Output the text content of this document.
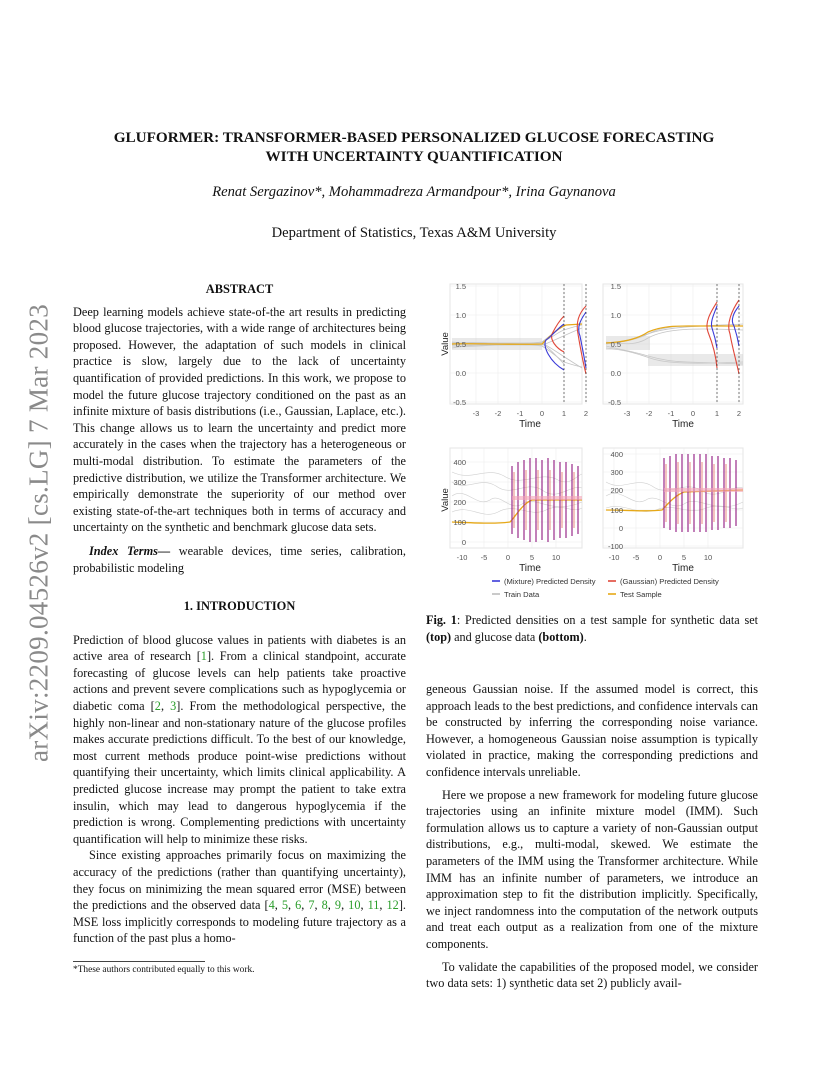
arXiv:2209.04526v2 [cs.LG] 7 Mar 2023
GLUFORMER: TRANSFORMER-BASED PERSONALIZED GLUCOSE FORECASTING
WITH UNCERTAINTY QUANTIFICATION
Renat Sergazinov*, Mohammadreza Armandpour*, Irina Gaynanova
Department of Statistics, Texas A&M University
ABSTRACT

Deep learning models achieve state-of-the art results in predicting blood glucose trajectories, with a wide range of architectures being proposed. However, the adaptation of such models in clinical practice is slow, largely due to the lack of uncertainty quantification of provided predictions. In this work, we propose to model the future glucose trajectory conditioned on the past as an infinite mixture of basis distributions (i.e., Gaussian, Laplace, etc.). This change allows us to learn the uncertainty and predict more accurately in the cases when the trajectory has a heterogeneous or multi-modal distribution. To estimate the parameters of the predictive distribution, we utilize the Transformer architecture. We empirically demonstrate the superiority of our method over existing state-of-the-art techniques both in terms of accuracy and uncertainty on the synthetic and benchmark glucose data sets.

Index Terms— wearable devices, time series, calibration, probabilistic modeling

1. INTRODUCTION

Prediction of blood glucose values in patients with diabetes is an active area of research [1]. From a clinical standpoint, accurate forecasting of glucose levels can help patients take proactive actions and prevent severe complications such as hypoglycemia or diabetic coma [2, 3]. From the methodological perspective, the highly non-linear and non-stationary nature of the glucose profiles makes accurate predictions difficult. To the best of our knowledge, most current methods produce point-wise predictions without quantifying their uncertainty, which limits clinical applicability. A predicted glucose increase may prompt the patient to take extra insulin, which may lead to dangerous hypoglycemia if the prediction is wrong. Complementing predictions with uncertainty quantification will help to minimize these risks.

Since existing approaches primarily focus on maximizing the accuracy of the predictions (rather than quantifying uncertainty), they focus on minimizing the mean squared error (MSE) between the predictions and the observed data [4, 5, 6, 7, 8, 9, 10, 11, 12]. MSE loss implicitly corresponds to modeling future trajectory as a function of the past plus a homo-

*These authors contributed equally to this work.
Value
Value
Time	Time
Time	Time
1.5
1.0
0.5
0.0
-0.5
1.5
1.0
0.5
0.0
-0.5
-3 -2 -1 0 1 2	-3 -2 -1 0	1 2
400
300
200
100
0
400
300
200
100
0
-100
-10 -5 0	5 10	-10 -5 0	5 10
(Mixture) Predicted Density	(Gaussian) Predicted Density
Train Data	Test Sample
Fig. 1: Predicted densities on a test sample for synthetic data set (top) and glucose data (bottom).

geneous Gaussian noise. If the assumed model is correct, this approach leads to the best predictions, and confidence intervals can be constructed by inferring the corresponding noise variance. However, a homogeneous Gaussian noise assumption is typically violated in practice, making the corresponding predictions and confidence intervals unreliable.

Here we propose a new framework for modeling future glucose trajectories using an infinite mixture model (IMM). Such formulation allows us to capture a variety of non-Gaussian output distributions, e.g., multi-modal, skewed. We estimate the parameters of the IMM using the Transformer architecture. While IMM has an infinite number of parameters, we introduce an approximation step to fit the distribution implicitly. Specifically, we inject randomness into the computation of the network outputs and treat each output as a realization from one of the mixture components.

To validate the capabilities of the proposed model, we consider two data sets: 1) synthetic data set 2) publicly avail-
